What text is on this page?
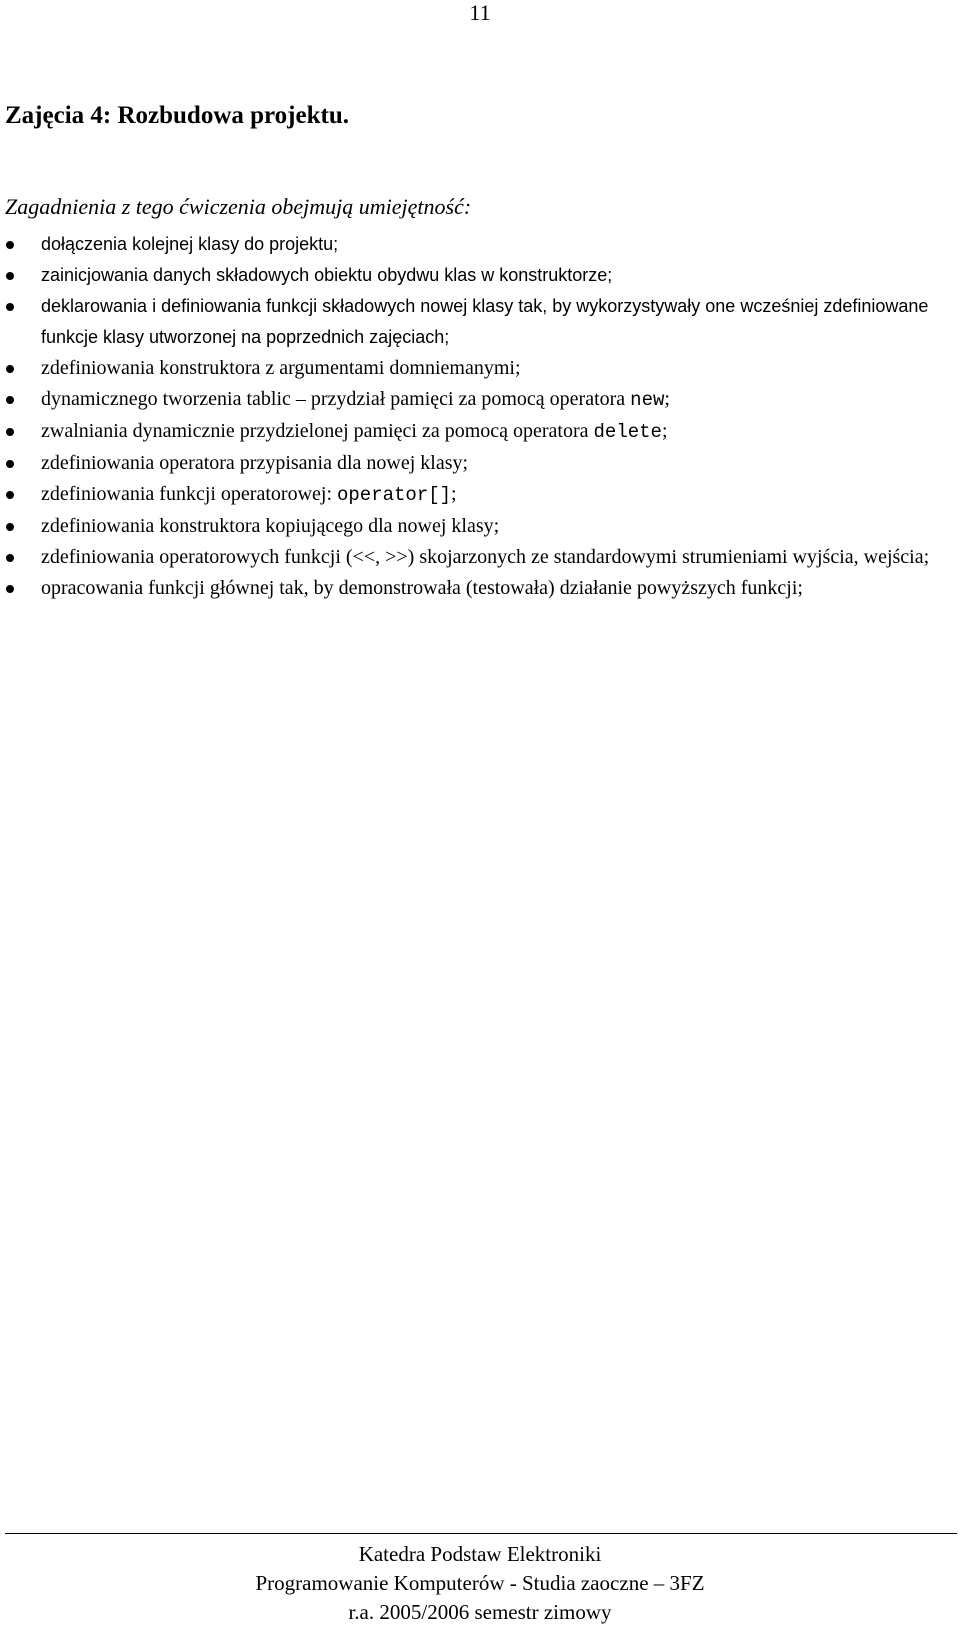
11
Zajęcia 4: Rozbudowa projektu.

Zagadnienia z tego ćwiczenia obejmują umiejętność:

dołączenia kolejnej klasy do projektu;
zainicjowania danych składowych obiektu obydwu klas w konstruktorze;
deklarowania i definiowania funkcji składowych nowej klasy tak, by wykorzystywały one wcześniej zdefiniowane funkcje klasy utworzonej na poprzednich zajęciach;
zdefiniowania konstruktora z argumentami domniemanymi;
dynamicznego tworzenia tablic – przydział pamięci za pomocą operatora new;
zwalniania dynamicznie przydzielonej pamięci za pomocą operatora delete;
zdefiniowania operatora przypisania dla nowej klasy;
zdefiniowania funkcji operatorowej: operator[];
zdefiniowania konstruktora kopiującego dla nowej klasy;
zdefiniowania operatorowych funkcji (<<, >>) skojarzonych ze standardowymi strumieniami wyjścia, wejścia;
opracowania funkcji głównej tak, by demonstrowała (testowała) działanie powyższych funkcji;
Katedra Podstaw Elektroniki
Programowanie Komputerów - Studia zaoczne – 3FZ
r.a. 2005/2006 semestr zimowy
